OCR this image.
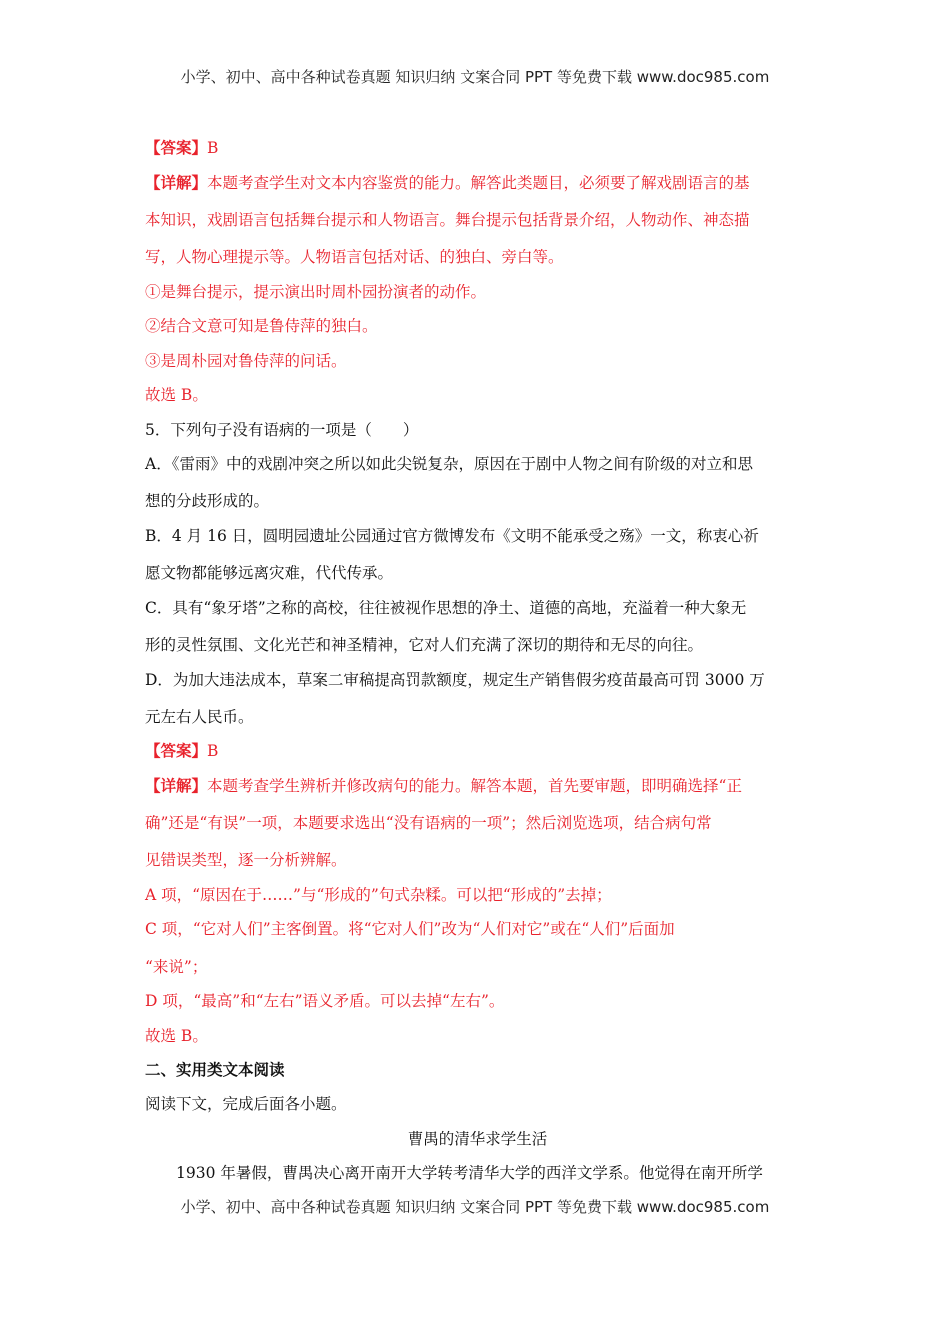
小学、初中、高中各种试卷真题 知识归纳 文案合同 PPT 等免费下载 www.doc985.com
【答案】B
【详解】本题考查学生对文本内容鉴赏的能力。解答此类题目，必须要了解戏剧语言的基
本知识，戏剧语言包括舞台提示和人物语言。舞台提示包括背景介绍，人物动作、神态描
写，人物心理提示等。人物语言包括对话、的独白、旁白等。
①是舞台提示，提示演出时周朴园扮演者的动作。
②结合文意可知是鲁侍萍的独白。
③是周朴园对鲁侍萍的问话。
故选 B。
5．下列句子没有语病的一项是（　　）
A．《雷雨》中的戏剧冲突之所以如此尖锐复杂，原因在于剧中人物之间有阶级的对立和思
想的分歧形成的。
B．4 月 16 日，圆明园遗址公园通过官方微博发布《文明不能承受之殇》一文，称衷心祈
愿文物都能够远离灾难，代代传承。
C．具有“象牙塔”之称的高校，往往被视作思想的净土、道德的高地，充溢着一种大象无
形的灵性氛围、文化光芒和神圣精神，它对人们充满了深切的期待和无尽的向往。
D．为加大违法成本，草案二审稿提高罚款额度，规定生产销售假劣疫苗最高可罚 3000 万
元左右人民币。
【答案】B
【详解】本题考查学生辨析并修改病句的能力。解答本题，首先要审题，即明确选择“正
确”还是“有误”一项，本题要求选出“没有语病的一项”；然后浏览选项，结合病句常
见错误类型，逐一分析辨解。
A 项，“原因在于……”与“形成的”句式杂糅。可以把“形成的”去掉；
C 项，“它对人们”主客倒置。将“它对人们”改为“人们对它”或在“人们”后面加
“来说”；
D 项，“最高”和“左右”语义矛盾。可以去掉“左右”。
故选 B。
二、实用类文本阅读
阅读下文，完成后面各小题。
曹禺的清华求学生活
1930 年暑假，曹禺决心离开南开大学转考清华大学的西洋文学系。他觉得在南开所学
小学、初中、高中各种试卷真题 知识归纳 文案合同 PPT 等免费下载 www.doc985.com
